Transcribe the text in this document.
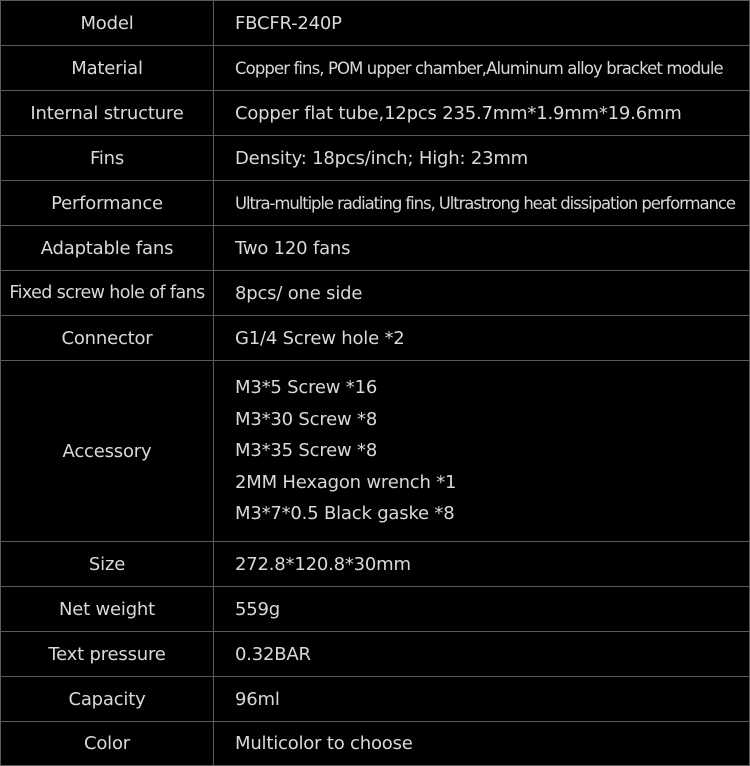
Model	FBCFR-240P
Material	Copper fins, POM upper chamber,Aluminum alloy bracket module
Internal structure	Copper flat tube,12pcs 235.7mm*1.9mm*19.6mm
Fins	Density: 18pcs/inch; High: 23mm
Performance	Ultra-multiple radiating fins, Ultrastrong heat dissipation performance
Adaptable fans	Two 120 fans
Fixed screw hole of fans	8pcs/ one side
Connector	G1/4 Screw hole *2
Accessory	M3*5 Screw *16
M3*30 Screw *8
M3*35 Screw *8
2MM Hexagon wrench *1
M3*7*0.5 Black gaske *8

Size	272.8*120.8*30mm
Net weight	559g
Text pressure	0.32BAR
Capacity	96ml
Color	Multicolor to choose
